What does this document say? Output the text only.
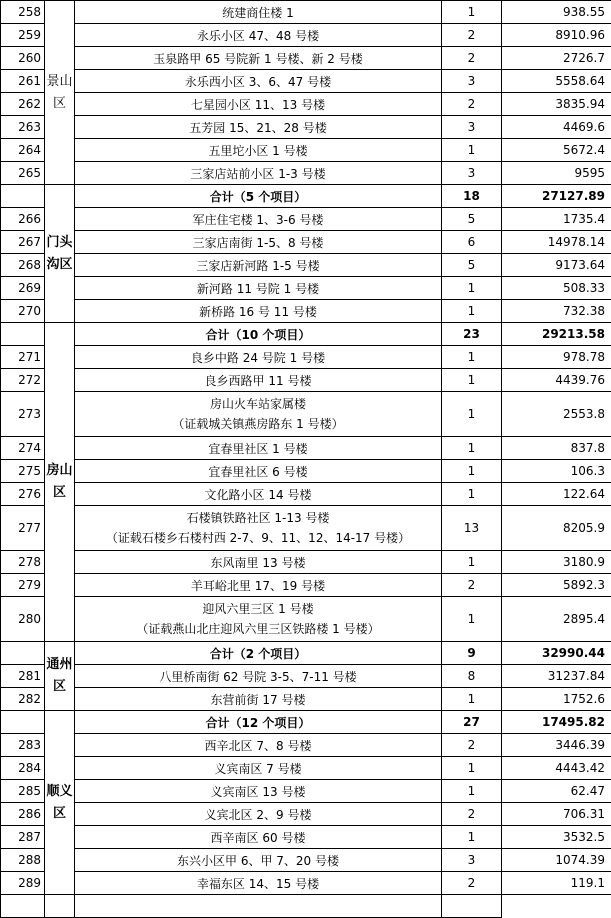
258	景山区	统建商住楼 1	1	938.55
259		永乐小区 47、48 号楼	2	8910.96
260		玉泉路甲 65 号院新 1 号楼、新 2 号楼	2	2726.7
261		永乐西小区 3、6、47 号楼	3	5558.64
262		七星园小区 11、13 号楼	2	3835.94
263		五芳园 15、21、28 号楼	3	4469.6
264		五里坨小区 1 号楼	1	5672.4
265		三家店站前小区 1-3 号楼	3	9595
	门头沟区	合计（5 个项目）	18	27127.89
266		军庄住宅楼 1、3-6 号楼	5	1735.4
267		三家店南街 1-5、8 号楼	6	14978.14
268		三家店新河路 1-5 号楼	5	9173.64
269		新河路 11 号院 1 号楼	1	508.33
270		新桥路 16 号 11 号楼	1	732.38
	房山区	合计（10 个项目）	23	29213.58
271		良乡中路 24 号院 1 号楼	1	978.78
272		良乡西路甲 11 号楼	1	4439.76
273		房山火车站家属楼
（证载城关镇燕房路东 1 号楼）	1	2553.8
274		宜春里社区 1 号楼	1	837.8
275		宜春里社区 6 号楼	1	106.3
276		文化路小区 14 号楼	1	122.64
277		石楼镇铁路社区 1-13 号楼
（证载石楼乡石楼村西 2-7、9、11、12、14-17 号楼）	13	8205.9
278		东风南里 13 号楼	1	3180.9
279		羊耳峪北里 17、19 号楼	2	5892.3
280		迎风六里三区 1 号楼
（证载燕山北庄迎风六里三区铁路楼 1 号楼）	1	2895.4
	通州区	合计（2 个项目）	9	32990.44
281		八里桥南街 62 号院 3-5、7-11 号楼	8	31237.84
282		东营前街 17 号楼	1	1752.6
	顺义区	合计（12 个项目）	27	17495.82
283		西辛北区 7、8 号楼	2	3446.39
284		义宾南区 7 号楼	1	4443.42
285		义宾南区 13 号楼	1	62.47
286		义宾北区 2、9 号楼	2	706.31
287		西辛南区 60 号楼	1	3532.5
288		东兴小区甲 6、甲 7、20 号楼	3	1074.39
289		幸福东区 14、15 号楼	2	119.1
